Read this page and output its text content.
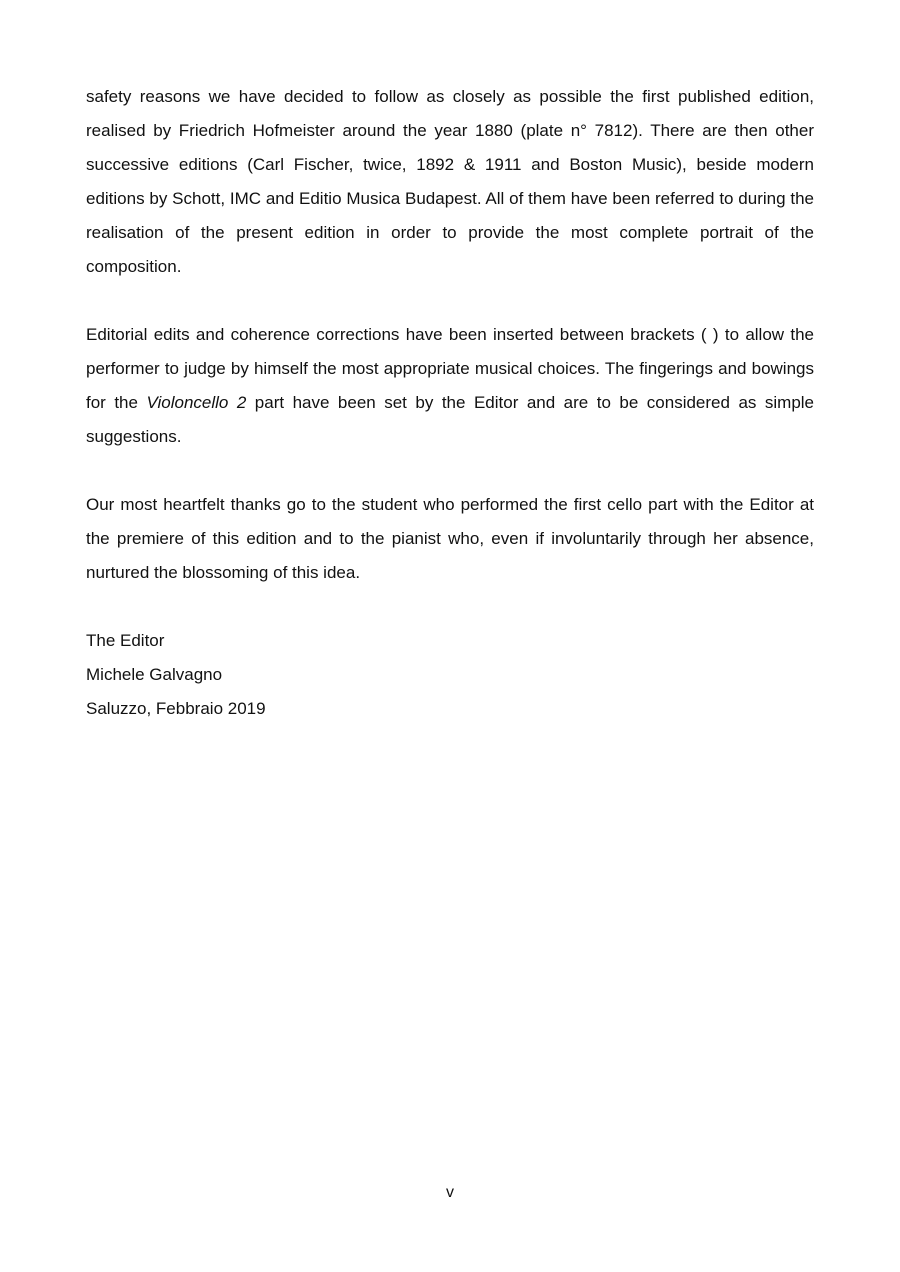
safety reasons we have decided to follow as closely as possible the first published edition, realised by Friedrich Hofmeister around the year 1880 (plate n° 7812). There are then other successive editions (Carl Fischer, twice, 1892 & 1911 and Boston Music), beside modern editions by Schott, IMC and Editio Musica Budapest. All of them have been referred to during the realisation of the present edition in order to provide the most complete portrait of the composition.

Editorial edits and coherence corrections have been inserted between brackets ( ) to allow the performer to judge by himself the most appropriate musical choices. The fingerings and bowings for the Violoncello 2 part have been set by the Editor and are to be considered as simple suggestions.

Our most heartfelt thanks go to the student who performed the first cello part with the Editor at the premiere of this edition and to the pianist who, even if involuntarily through her absence, nurtured the blossoming of this idea.

The Editor
Michele Galvagno
Saluzzo, Febbraio 2019
v
